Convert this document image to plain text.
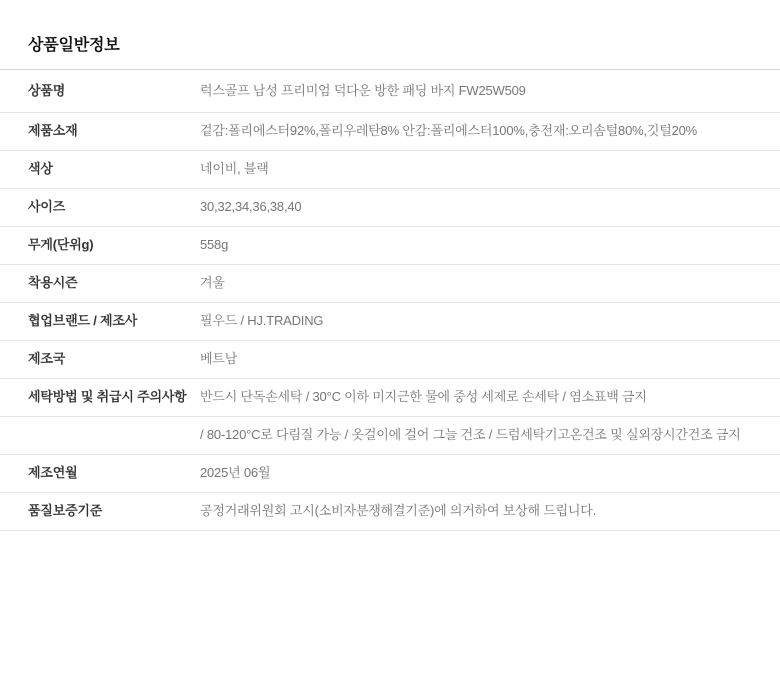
상품일반정보
상품명	럭스골프 남성 프리미엄 덕다운 방한 패딩 바지 FW25W509
제품소재	겉감:폴리에스터92%,폴리우레탄8% 안감:폴리에스터100%,충전재:오리솜털80%,깃털20%
색상	네이비, 블랙
사이즈	30,32,34,36,38,40
무게(단위g)	558g
착용시즌	겨울
협업브랜드 / 제조사	필우드 / HJ.TRADING
제조국	베트남
세탁방법 및 취급시 주의사항	반드시 단독손세탁 / 30°C 이하 미지근한 물에 중성 세제로 손세탁 / 염소표백 금지
/ 80-120°C로 다림질 가능 / 옷걸이에 걸어 그늘 건조 / 드럼세탁기고온건조 및 실외장시간건조 금지
제조연월	2025년 06월
품질보증기준	공정거래위원회 고시(소비자분쟁해결기준)에 의거하여 보상해 드립니다.
